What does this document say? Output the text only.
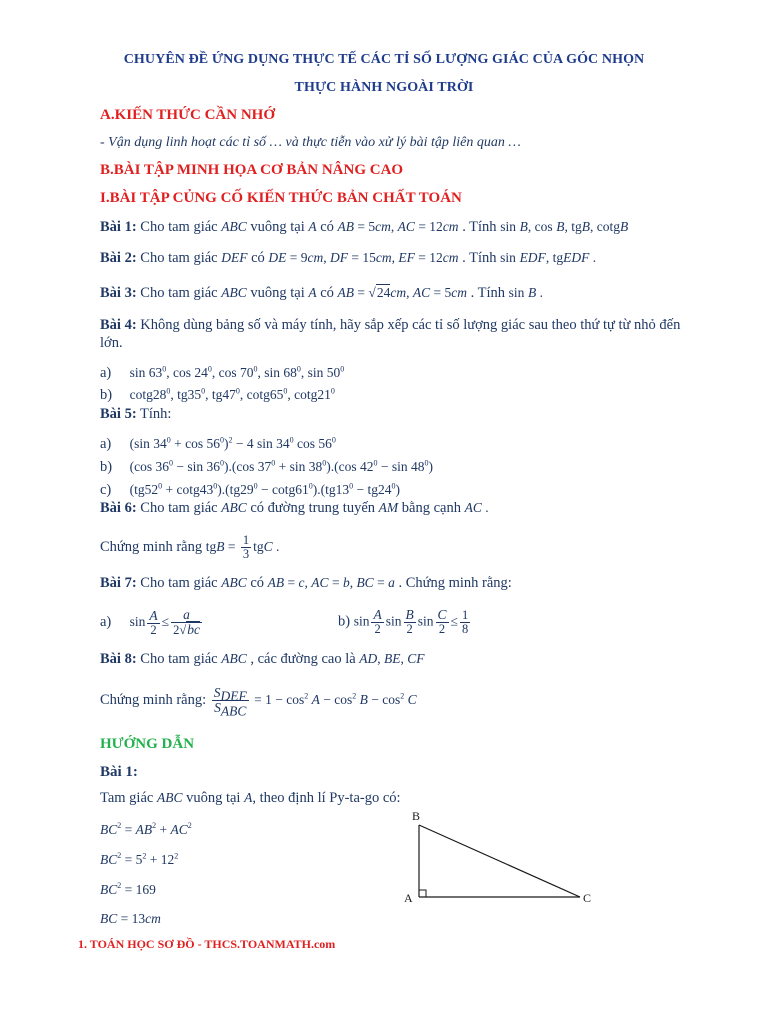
CHUYÊN ĐỀ ỨNG DỤNG THỰC TẾ CÁC TỈ SỐ LƯỢNG GIÁC CỦA GÓC NHỌN
THỰC HÀNH NGOÀI TRỜI
A.KIẾN THỨC CẦN NHỚ
- Vận dụng linh hoạt các tỉ số … và thực tiễn vào xử lý bài tập liên quan …
B.BÀI TẬP MINH HỌA CƠ BẢN NÂNG CAO
I.BÀI TẬP CỦNG CỐ KIẾN THỨC BẢN CHẤT TOÁN
Bài 1: Cho tam giác ABC vuông tại A có AB = 5cm, AC = 12cm . Tính sin B, cos B, tgB, cotgB
Bài 2: Cho tam giác DEF có DE = 9cm, DF = 15cm, EF = 12cm . Tính sin EDF, tgEDF .
Bài 3: Cho tam giác ABC vuông tại A có AB = √24cm, AC = 5cm . Tính sin B .
Bài 4: Không dùng bảng số và máy tính, hãy sắp xếp các tỉ số lượng giác sau theo thứ tự từ nhỏ đến
lớn.
a) $\sin 63^0$, $\cos 24^0$, $\cos 70^0$, $\sin 68^0$, $\sin 50^0$
b) $\cot g28^0$, $tg35^0$, $tg47^0$, $\cot g65^0$, $\cot g21^0$
Bài 5: Tính:
a) (sin $34^0 + \cos 56^0)^2 - 4$ $\sin 34^0$ $\cos 56^0$
b) (cos $36^0 - \sin 36^0).(\cos$ $37^0 + \sin 38^0).(\cos$ $42^0 - \sin 48^0$)
c) $(tg52^0 + \cot g43^0).(tg29^0 - \cot g61^0).(tg13^0 - tg24^0)$
Bài 6: Cho tam giác ABC có đường trung tuyến AM bằng cạnh AC .
Chứng minh rằng tgB = $\frac{1}{3}$ tgC .
Bài 7: Cho tam giác ABC có AB = c, AC = b, BC = a . Chứng minh rằng:
a) $\sin \frac{A}{2} \le \frac{a}{2√bc}$	b) $\sin \frac{A}{2}$ $\sin \frac{B}{2}$ $\sin \frac{C}{2} \le \frac{1}{8}$
Bài 8: Cho tam giác ABC , các đường cao là AD, BE, CF
Chứng minh rằng: $\frac{S_{DEF}}{S_{ABC}} = 1 - \cos^2 A - \cos^2 B - \cos^2 C$
HƯỚNG DẪN
Bài 1:
Tam giác ABC vuông tại A, theo định lí Py-ta-go có:
$BC^2 = AB^2 + AC^2$
$BC^2 = 5^2 + 12^2$
$BC^2 = 169$
BC = 13cm
B
A	C
1. TOÁN HỌC SƠ ĐỒ - THCS.TOANMATH.com
